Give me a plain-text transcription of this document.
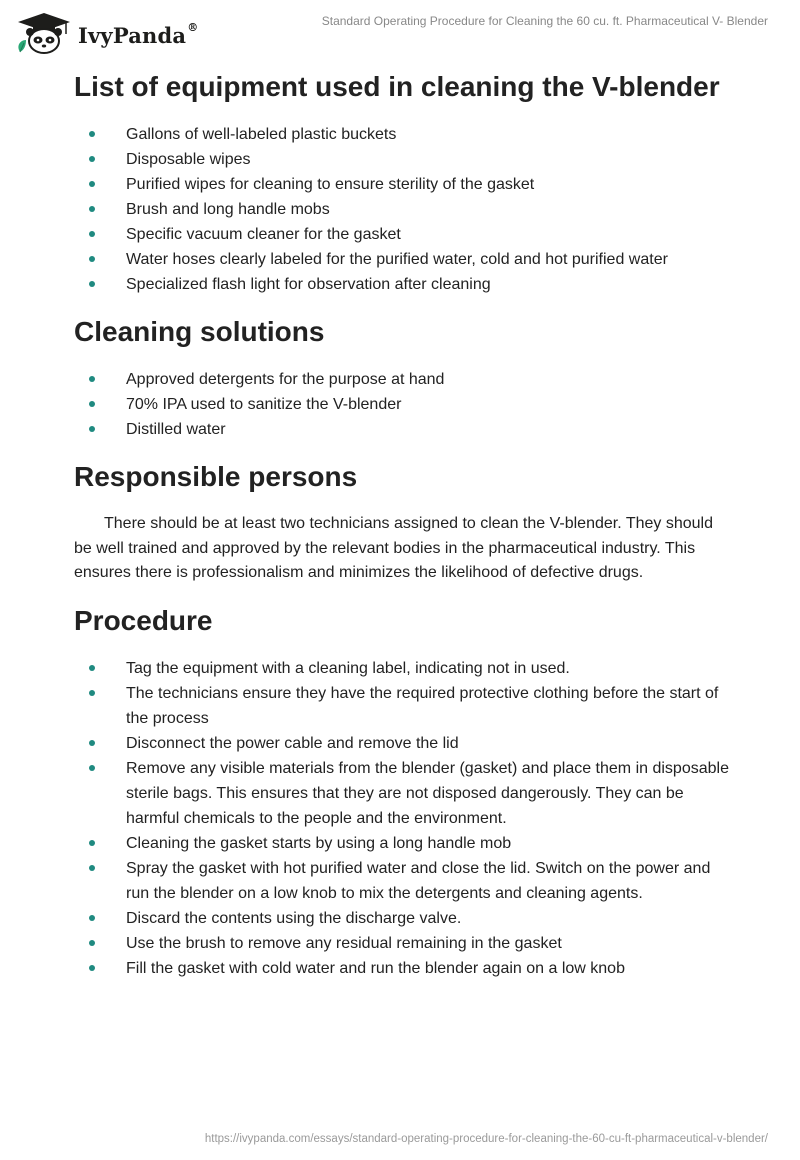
IvyPanda®	Standard Operating Procedure for Cleaning the 60 cu. ft. Pharmaceutical V- Blender
List of equipment used in cleaning the V-blender
Gallons of well-labeled plastic buckets
Disposable wipes
Purified wipes for cleaning to ensure sterility of the gasket
Brush and long handle mobs
Specific vacuum cleaner for the gasket
Water hoses clearly labeled for the purified water, cold and hot purified water
Specialized flash light for observation after cleaning
Cleaning solutions
Approved detergents for the purpose at hand
70% IPA used to sanitize the V-blender
Distilled water
Responsible persons

There should be at least two technicians assigned to clean the V-blender. They should be well trained and approved by the relevant bodies in the pharmaceutical industry. This ensures there is professionalism and minimizes the likelihood of defective drugs.

Procedure
Tag the equipment with a cleaning label, indicating not in used.
The technicians ensure they have the required protective clothing before the start of the process
Disconnect the power cable and remove the lid
Remove any visible materials from the blender (gasket) and place them in disposable sterile bags. This ensures that they are not disposed dangerously. They can be harmful chemicals to the people and the environment.
Cleaning the gasket starts by using a long handle mob
Spray the gasket with hot purified water and close the lid. Switch on the power and run the blender on a low knob to mix the detergents and cleaning agents.
Discard the contents using the discharge valve.
Use the brush to remove any residual remaining in the gasket
Fill the gasket with cold water and run the blender again on a low knob
https://ivypanda.com/essays/standard-operating-procedure-for-cleaning-the-60-cu-ft-pharmaceutical-v-blender/
